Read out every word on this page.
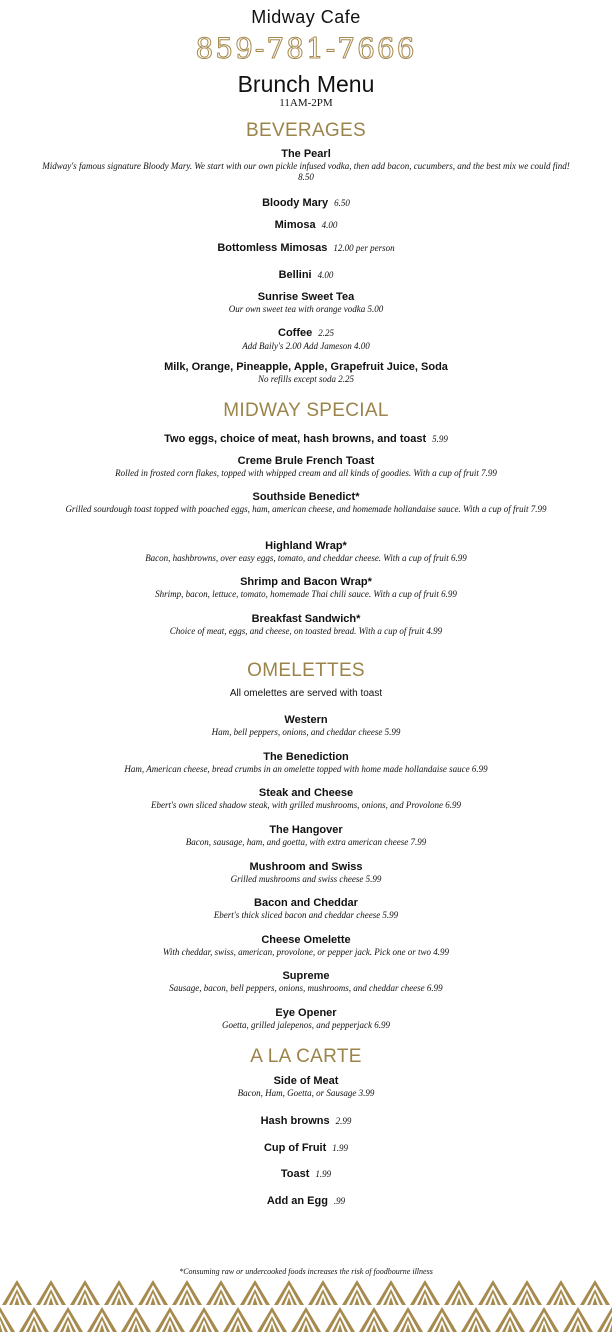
Midway Cafe
859-781-7666
Brunch Menu
11AM-2PM
BEVERAGES
The Pearl
Midway's famous signature Bloody Mary. We start with our own pickle infused vodka, then add bacon, cucumbers, and the best mix we could find! 8.50
Bloody Mary 6.50
Mimosa 4.00
Bottomless Mimosas 12.00 per person
Bellini 4.00
Sunrise Sweet Tea
Our own sweet tea with orange vodka 5.00
Coffee 2.25
Add Baily's 2.00 Add Jameson 4.00
Milk, Orange, Pineapple, Apple, Grapefruit Juice, Soda
No refills except soda 2.25
MIDWAY SPECIAL
Two eggs, choice of meat, hash browns, and toast 5.99
Creme Brule French Toast
Rolled in frosted corn flakes, topped with whipped cream and all kinds of goodies. With a cup of fruit 7.99
Southside Benedict*
Grilled sourdough toast topped with poached eggs, ham, american cheese, and homemade hollandaise sauce. With a cup of fruit 7.99
Highland Wrap*
Bacon, hashbrowns, over easy eggs, tomato, and cheddar cheese. With a cup of fruit 6.99
Shrimp and Bacon Wrap*
Shrimp, bacon, lettuce, tomato, homemade Thai chili sauce. With a cup of fruit 6.99
Breakfast Sandwich*
Choice of meat, eggs, and cheese, on toasted bread. With a cup of fruit 4.99
OMELETTES
All omelettes are served with toast
Western
Ham, bell peppers, onions, and cheddar cheese 5.99
The Benediction
Ham, American cheese, bread crumbs in an omelette topped with home made hollandaise sauce 6.99
Steak and Cheese
Ebert's own sliced shadow steak, with grilled mushrooms, onions, and Provolone 6.99
The Hangover
Bacon, sausage, ham, and goetta, with extra american cheese 7.99
Mushroom and Swiss
Grilled mushrooms and swiss cheese 5.99
Bacon and Cheddar
Ebert's thick sliced bacon and cheddar cheese 5.99
Cheese Omelette
With cheddar, swiss, american, provolone, or pepper jack. Pick one or two 4.99
Supreme
Sausage, bacon, bell peppers, onions, mushrooms, and cheddar cheese 6.99
Eye Opener
Goetta, grilled jalepenos, and pepperjack 6.99
A LA CARTE
Side of Meat
Bacon, Ham, Goetta, or Sausage 3.99
Hash browns 2.99
Cup of Fruit 1.99
Toast 1.99
Add an Egg .99
*Consuming raw or undercooked foods increases the risk of foodbourne illness
